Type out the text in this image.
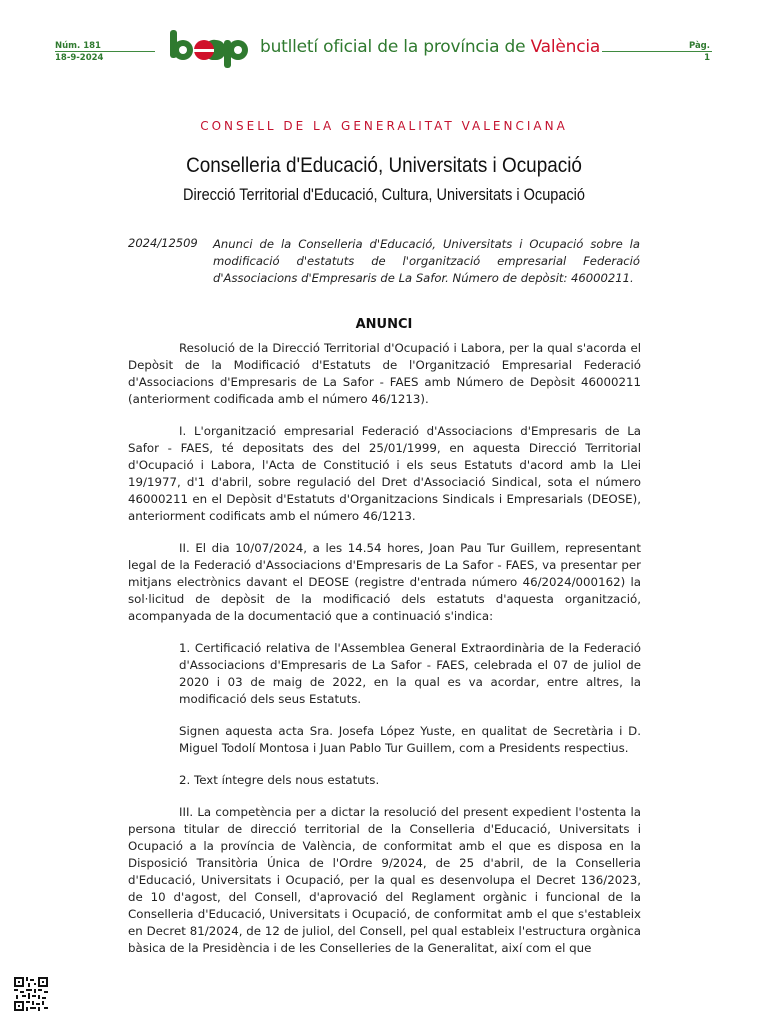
Núm. 181
18-9-2024
butlletí oficial de la província de València	Pàg.
1
CONSELL DE LA GENERALITAT VALENCIANA
Conselleria d'Educació, Universitats i Ocupació
Direcció Territorial d'Educació, Cultura, Universitats i Ocupació
2024/12509 Anunci de la Conselleria d'Educació, Universitats i Ocupació sobre la modificació d'estatuts de l'organització empresarial Federació d'Associacions d'Empresaris de La Safor. Número de depòsit: 46000211.
ANUNCI

Resolució de la Direcció Territorial d'Ocupació i Labora, per la qual s'acorda el Depòsit de la Modificació d'Estatuts de l'Organització Empresarial Federació d'Associacions d'Empresaris de La Safor - FAES amb Número de Depòsit 46000211 (anteriorment codificada amb el número 46/1213).

I. L'organització empresarial Federació d'Associacions d'Empresaris de La Safor - FAES, té depositats des del 25/01/1999, en aquesta Direcció Territorial d'Ocupació i Labora, l'Acta de Constitució i els seus Estatuts d'acord amb la Llei 19/1977, d'1 d'abril, sobre regulació del Dret d'Associació Sindical, sota el número 46000211 en el Depòsit d'Estatuts d'Organitzacions Sindicals i Empresarials (DEOSE), anteriorment codificats amb el número 46/1213.

II. El dia 10/07/2024, a les 14.54 hores, Joan Pau Tur Guillem, representant legal de la Federació d'Associacions d'Empresaris de La Safor - FAES, va presentar per mitjans electrònics davant el DEOSE (registre d'entrada número 46/2024/000162) la sol·licitud de depòsit de la modificació dels estatuts d'aquesta organització, acompanyada de la documentació que a continuació s'indica:

1. Certificació relativa de l'Assemblea General Extraordinària de la Federació d'Associacions d'Empresaris de La Safor - FAES, celebrada el 07 de juliol de 2020 i 03 de maig de 2022, en la qual es va acordar, entre altres, la modificació dels seus Estatuts.

Signen aquesta acta Sra. Josefa López Yuste, en qualitat de Secretària i D. Miguel Todolí Montosa i Juan Pablo Tur Guillem, com a Presidents respectius.

2. Text íntegre dels nous estatuts.

III. La competència per a dictar la resolució del present expedient l'ostenta la persona titular de direcció territorial de la Conselleria d'Educació, Universitats i Ocupació a la província de València, de conformitat amb el que es disposa en la Disposició Transitòria Única de l'Ordre 9/2024, de 25 d'abril, de la Conselleria d'Educació, Universitats i Ocupació, per la qual es desenvolupa el Decret 136/2023, de 10 d'agost, del Consell, d'aprovació del Reglament orgànic i funcional de la Conselleria d'Educació, Universitats i Ocupació, de conformitat amb el que s'estableix en Decret 81/2024, de 12 de juliol, del Consell, pel qual estableix l'estructura orgànica bàsica de la Presidència i de les Conselleries de la Generalitat, així com el que
